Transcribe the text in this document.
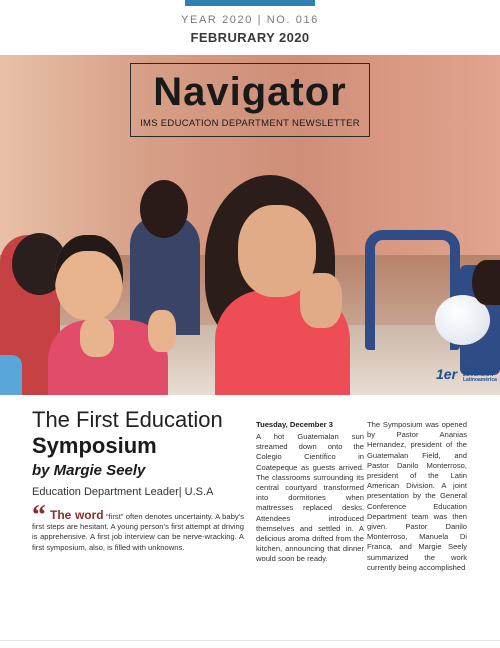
YEAR 2020 | NO. 016
FEBRURARY 2020
Navigator
IMS EDUCATION DEPARTMENT NEWSLETTER
1er Simposio
EDUCACIÓN
Latinoamérica
The First Education
Symposium
by Margie Seely
Education Department Leader| U.S.A
“ The word “first” often denotes uncertainty. A baby’s first steps are hesitant. A young person’s first attempt at driving is apprehensive. A first job interview can be nerve-wracking. A first symposium, also, is filled with unknowns.
Tuesday, December 3
A hot Guatemalan sun streamed down onto the Colegio Científico in Coatepeque as guests arrived. The classrooms surrounding its central courtyard transformed into dormitories when mattresses replaced desks. Attendees introduced themselves and settled in. A delicious aroma drifted from the kitchen, announcing that dinner would soon be ready.
The Symposium was opened by Pastor Ananias Hernandez, president of the Guatemalan Field, and Pastor Danilo Monterroso, president of the Latin American Division. A joint presentation by the General Conference Education Department team was then given. Pastor Danilo Monterroso, Manuela Di Franca, and Margie Seely summarized the work currently being accomplished
